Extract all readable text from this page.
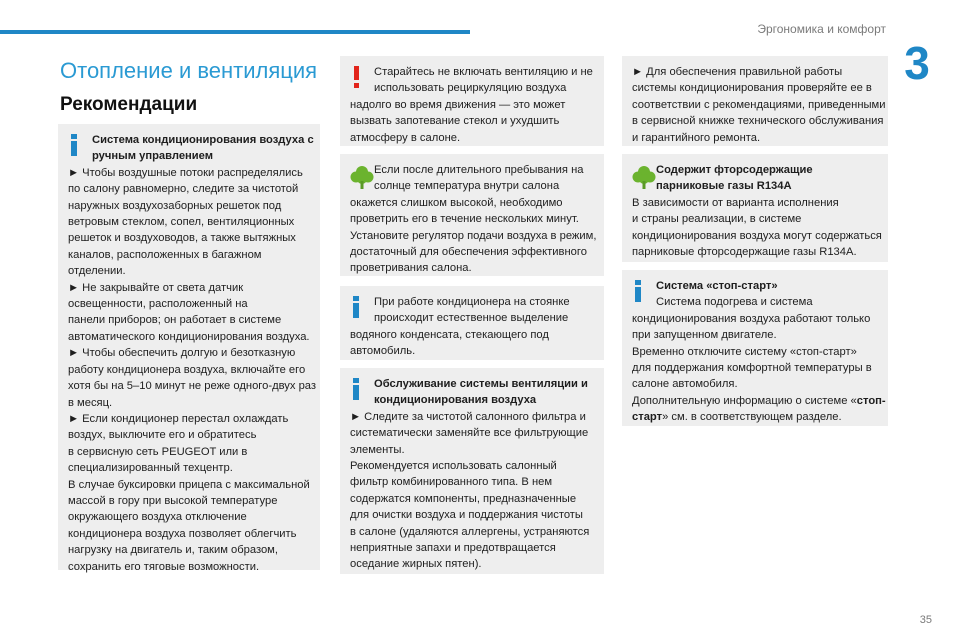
Эргономика и комфорт
3
35
Отопление и вентиляция
Рекомендации
Система кондиционирования воздуха с
ручным управлением
► Чтобы воздушные потоки распределялись
по салону равномерно, следите за чистотой
наружных воздухозаборных решеток под
ветровым стеклом, сопел, вентиляционных
решеток и воздуховодов, а также вытяжных
каналов, расположенных в багажном
отделении.
► Не закрывайте от света датчик
освещенности, расположенный на
панели приборов; он работает в системе
автоматического кондиционирования воздуха.
► Чтобы обеспечить долгую и безотказную
работу кондиционера воздуха, включайте его
хотя бы на 5–10 минут не реже одного-двух раз
в месяц.
► Если кондиционер перестал охлаждать
воздух, выключите его и обратитесь
в сервисную сеть PEUGEOT или в
специализированный техцентр.
В случае буксировки прицепа с максимальной
массой в гору при высокой температуре
окружающего воздуха отключение
кондиционера воздуха позволяет облегчить
нагрузку на двигатель и, таким образом,
сохранить его тяговые возможности.
Старайтесь не включать вентиляцию и не
использовать рециркуляцию воздуха
надолго во время движения — это может
вызвать запотевание стекол и ухудшить
атмосферу в салоне.
Если после длительного пребывания на
солнце температура внутри салона
окажется слишком высокой, необходимо
проветрить его в течение нескольких минут.
Установите регулятор подачи воздуха в режим,
достаточный для обеспечения эффективного
проветривания салона.
При работе кондиционера на стоянке
происходит естественное выделение
водяного конденсата, стекающего под
автомобиль.
Обслуживание системы вентиляции и
кондиционирования воздуха
► Следите за чистотой салонного фильтра и
систематически заменяйте все фильтрующие
элементы.
Рекомендуется использовать салонный
фильтр комбинированного типа. В нем
содержатся компоненты, предназначенные
для очистки воздуха и поддержания чистоты
в салоне (удаляются аллергены, устраняются
неприятные запахи и предотвращается
оседание жирных пятен).
► Для обеспечения правильной работы
системы кондиционирования проверяйте ее в
соответствии с рекомендациями, приведенными
в сервисной книжке технического обслуживания
и гарантийного ремонта.
Содержит фторсодержащие
парниковые газы R134A
В зависимости от варианта исполнения
и страны реализации, в системе
кондиционирования воздуха могут содержаться
парниковые фторсодержащие газы R134A.
Система «стоп-старт»
Система подогрева и система
кондиционирования воздуха работают только
при запущенном двигателе.
Временно отключите систему «стоп-старт»
для поддержания комфортной температуры в
салоне автомобиля.
Дополнительную информацию о системе «стоп-
старт» см. в соответствующем разделе.
